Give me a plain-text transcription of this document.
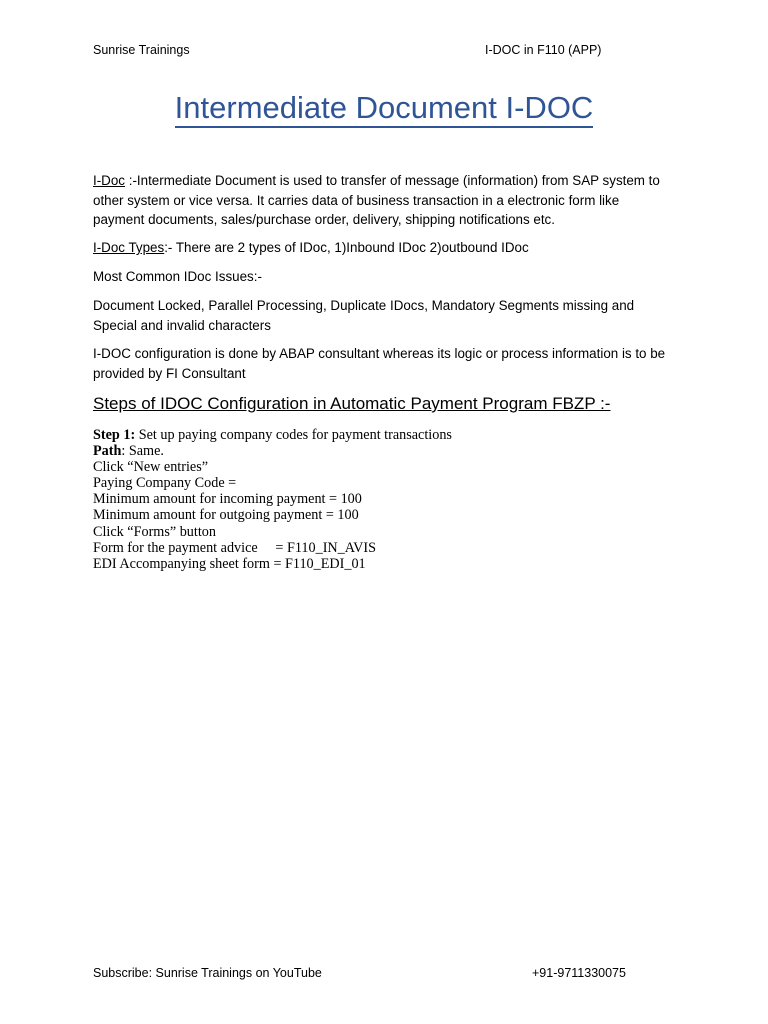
Sunrise Trainings	I-DOC in F110 (APP)
Intermediate Document I-DOC

I-Doc :-Intermediate Document is used to transfer of message (information) from SAP system to other system or vice versa. It carries data of business transaction in a electronic form like payment documents, sales/purchase order, delivery, shipping notifications etc.

I-Doc Types:- There are 2 types of IDoc, 1)Inbound IDoc 2)outbound IDoc

Most Common IDoc Issues:-

Document Locked, Parallel Processing, Duplicate IDocs, Mandatory Segments missing and Special and invalid characters

I-DOC configuration is done by ABAP consultant whereas its logic or process information is to be provided by FI Consultant

Steps of IDOC Configuration in Automatic Payment Program FBZP :-
Step 1: Set up paying company codes for payment transactions
Path: Same.
Click “New entries”
Paying Company Code =
Minimum amount for incoming payment = 100
Minimum amount for outgoing payment = 100
Click “Forms” button
Form for the payment advice     = F110_IN_AVIS
EDI Accompanying sheet form = F110_EDI_01
Subscribe: Sunrise Trainings on YouTube	+91-9711330075
